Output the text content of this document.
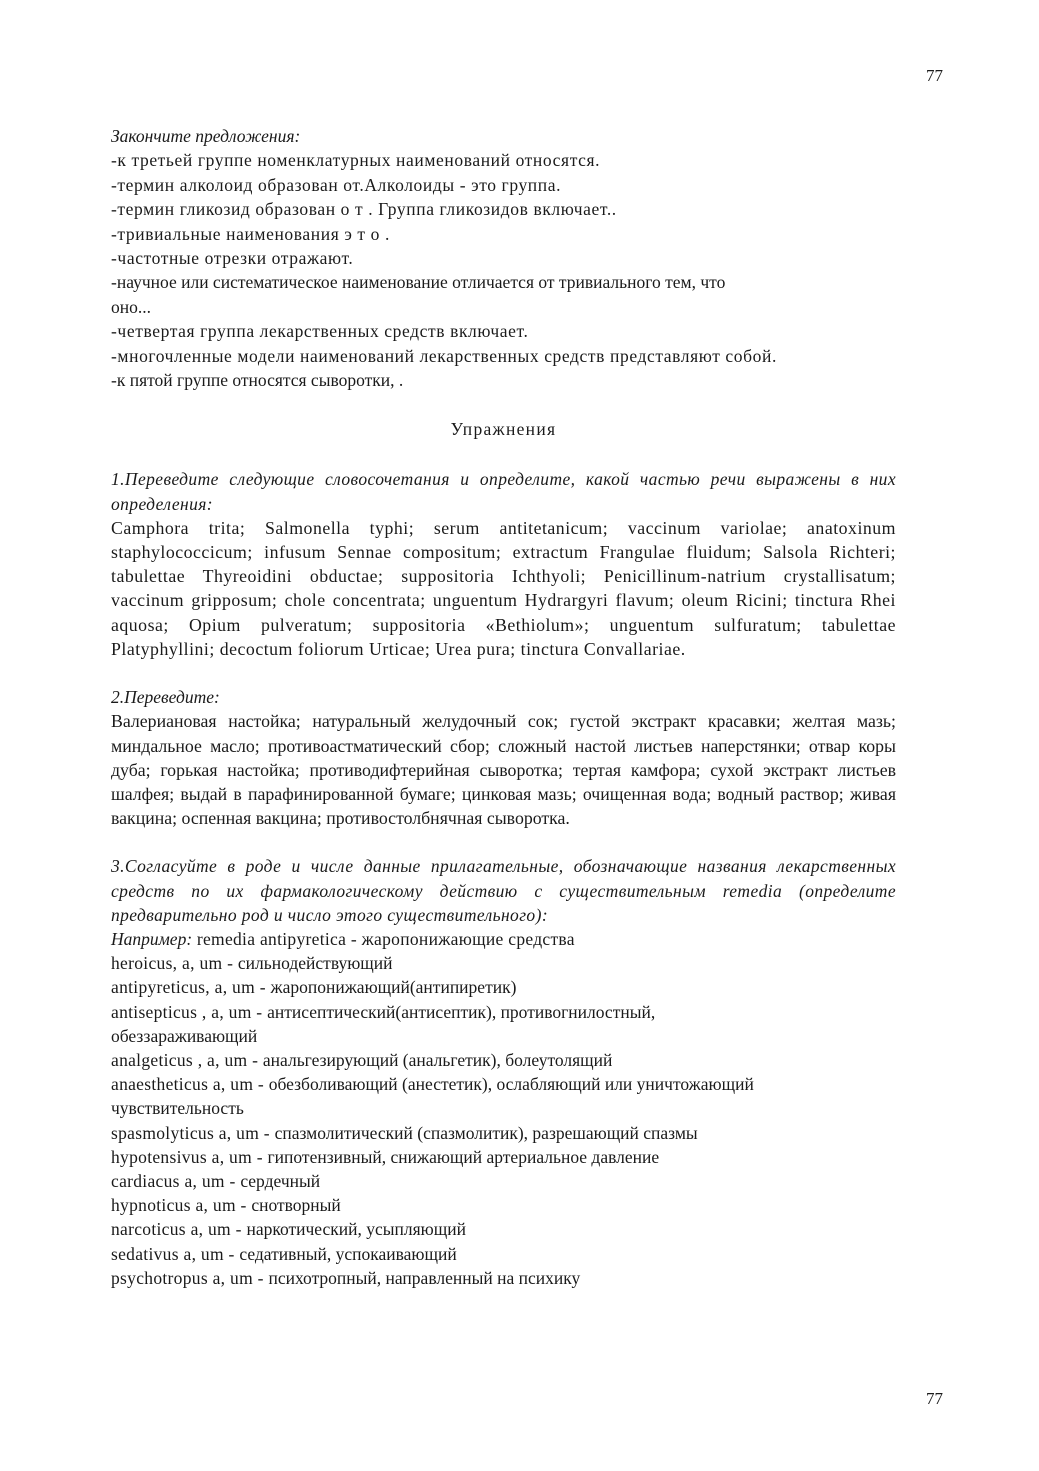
77
Закончите предложения:
-к третьей группе номенклатурных наименований относятся.
-термин алколоид образован от.Алколоиды - это группа.
-термин гликозид образован о т . Группа гликозидов включает..
-тривиальные наименования э т о .
-частотные отрезки отражают.
-научное или систематическое наименование отличается от тривиального тем, что
оно...
-четвертая группа лекарственных средств включает.
-многочленные модели наименований лекарственных средств представляют собой.
-к пятой группе относятся сыворотки, .
Упражнения
1.Переведите следующие словосочетания и определите, какой частью речи выражены в них определения:
Camphora trita; Salmonella typhi; serum antitetanicum; vaccinum variolae; anatoxinum staphylococcicum; infusum Sennae compositum; extractum Frangulae fluidum; Salsola Richteri; tabulettae Thyreoidini obductae; suppositoria Ichthyoli; Penicillinum-natrium crystallisatum; vaccinum gripposum; chole concentrata; unguentum Hydrargyri flavum; oleum Ricini; tinctura Rhei aquosa; Opium pulveratum; suppositoria «Bethiolum»; unguentum sulfuratum; tabulettae Platyphyllini; decoctum foliorum Urticae; Urea pura; tinctura Convallariae.
2.Переведите:
Валериановая настойка; натуральный желудочный сок; густой экстракт красавки; желтая мазь; миндальное масло; противоастматический сбор; сложный настой листьев наперстянки; отвар коры дуба; горькая настойка; противодифтерийная сыворотка; тертая камфора; сухой экстракт листьев шалфея; выдай в парафинированной бумаге; цинковая мазь; очищенная вода; водный раствор; живая вакцина; оспенная вакцина; противостолбнячная сыворотка.
3.Согласуйте в роде и числе данные прилагательные, обозначающие названия лекарственных средств по их фармакологическому действию с существительным remedia (определите предварительно род и число этого существительного):
Например: remedia antipyretica - жаропонижающие средства
heroicus, a, um - сильнодействующий
antipyreticus, a, um - жаропонижающий(антипиретик)
antisepticus , a, um - антисептический(антисептик), противогнилостный,
обеззараживающий
analgeticus , a, um - анальгезирующий (анальгетик), болеутолящий
anaestheticus a, um - обезболивающий (анестетик), ослабляющий или уничтожающий
чувствительность
spasmolyticus a, um - спазмолитический (спазмолитик), разрешающий спазмы
hypotensivus a, um - гипотензивный, снижающий артериальное давление
cardiacus a, um - сердечный
hypnoticus a, um - снотворный
narcoticus a, um - наркотический, усыпляющий
sedativus a, um - седативный, успокаивающий
psychotropus a, um - психотропный, направленный на психику
77
